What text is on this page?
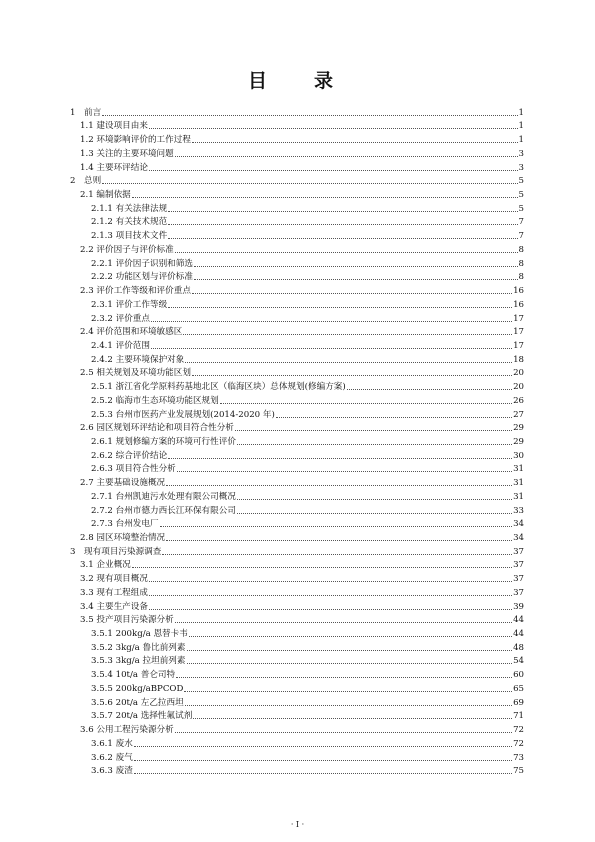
目　录
1　前言	1
1.1 建设项目由来	1
1.2 环境影响评价的工作过程	1
1.3 关注的主要环境问题	3
1.4 主要环评结论	3
2　总则	5
2.1 编制依据	5
2.1.1 有关法律法规	5
2.1.2 有关技术规范	7
2.1.3 项目技术文件	7
2.2 评价因子与评价标准	8
2.2.1 评价因子识别和筛选	8
2.2.2 功能区划与评价标准	8
2.3 评价工作等级和评价重点	16
2.3.1 评价工作等级	16
2.3.2 评价重点	17
2.4 评价范围和环境敏感区	17
2.4.1 评价范围	17
2.4.2 主要环境保护对象	18
2.5 相关规划及环境功能区划	20
2.5.1 浙江省化学原料药基地北区（临海区块）总体规划(修编方案)	20
2.5.2 临海市生态环境功能区规划	26
2.5.3 台州市医药产业发展规划(2014-2020 年)	27
2.6 园区规划环评结论和项目符合性分析	29
2.6.1 规划修编方案的环境可行性评价	29
2.6.2 综合评价结论	30
2.6.3 项目符合性分析	31
2.7 主要基础设施概况	31
2.7.1 台州凯迪污水处理有限公司概况	31
2.7.2 台州市德力西长江环保有限公司	33
2.7.3 台州发电厂	34
2.8 园区环境整治情况	34
3　现有项目污染源调查	37
3.1 企业概况	37
3.2 现有项目概况	37
3.3 现有工程组成	37
3.4 主要生产设备	39
3.5 投产项目污染源分析	44
3.5.1 200kg/a 恩替卡韦	44
3.5.2 3kg/a 鲁比前列素	48
3.5.3 3kg/a 拉坦前列素	54
3.5.4 10t/a 普仑司特	60
3.5.5 200kg/aBPCOD	65
3.5.6 20t/a 左乙拉西坦	69
3.5.7 20t/a 选择性氟试剂	71
3.6 公用工程污染源分析	72
3.6.1 废水	72
3.6.2 废气	73
3.6.3 废渣	75
· I ·
